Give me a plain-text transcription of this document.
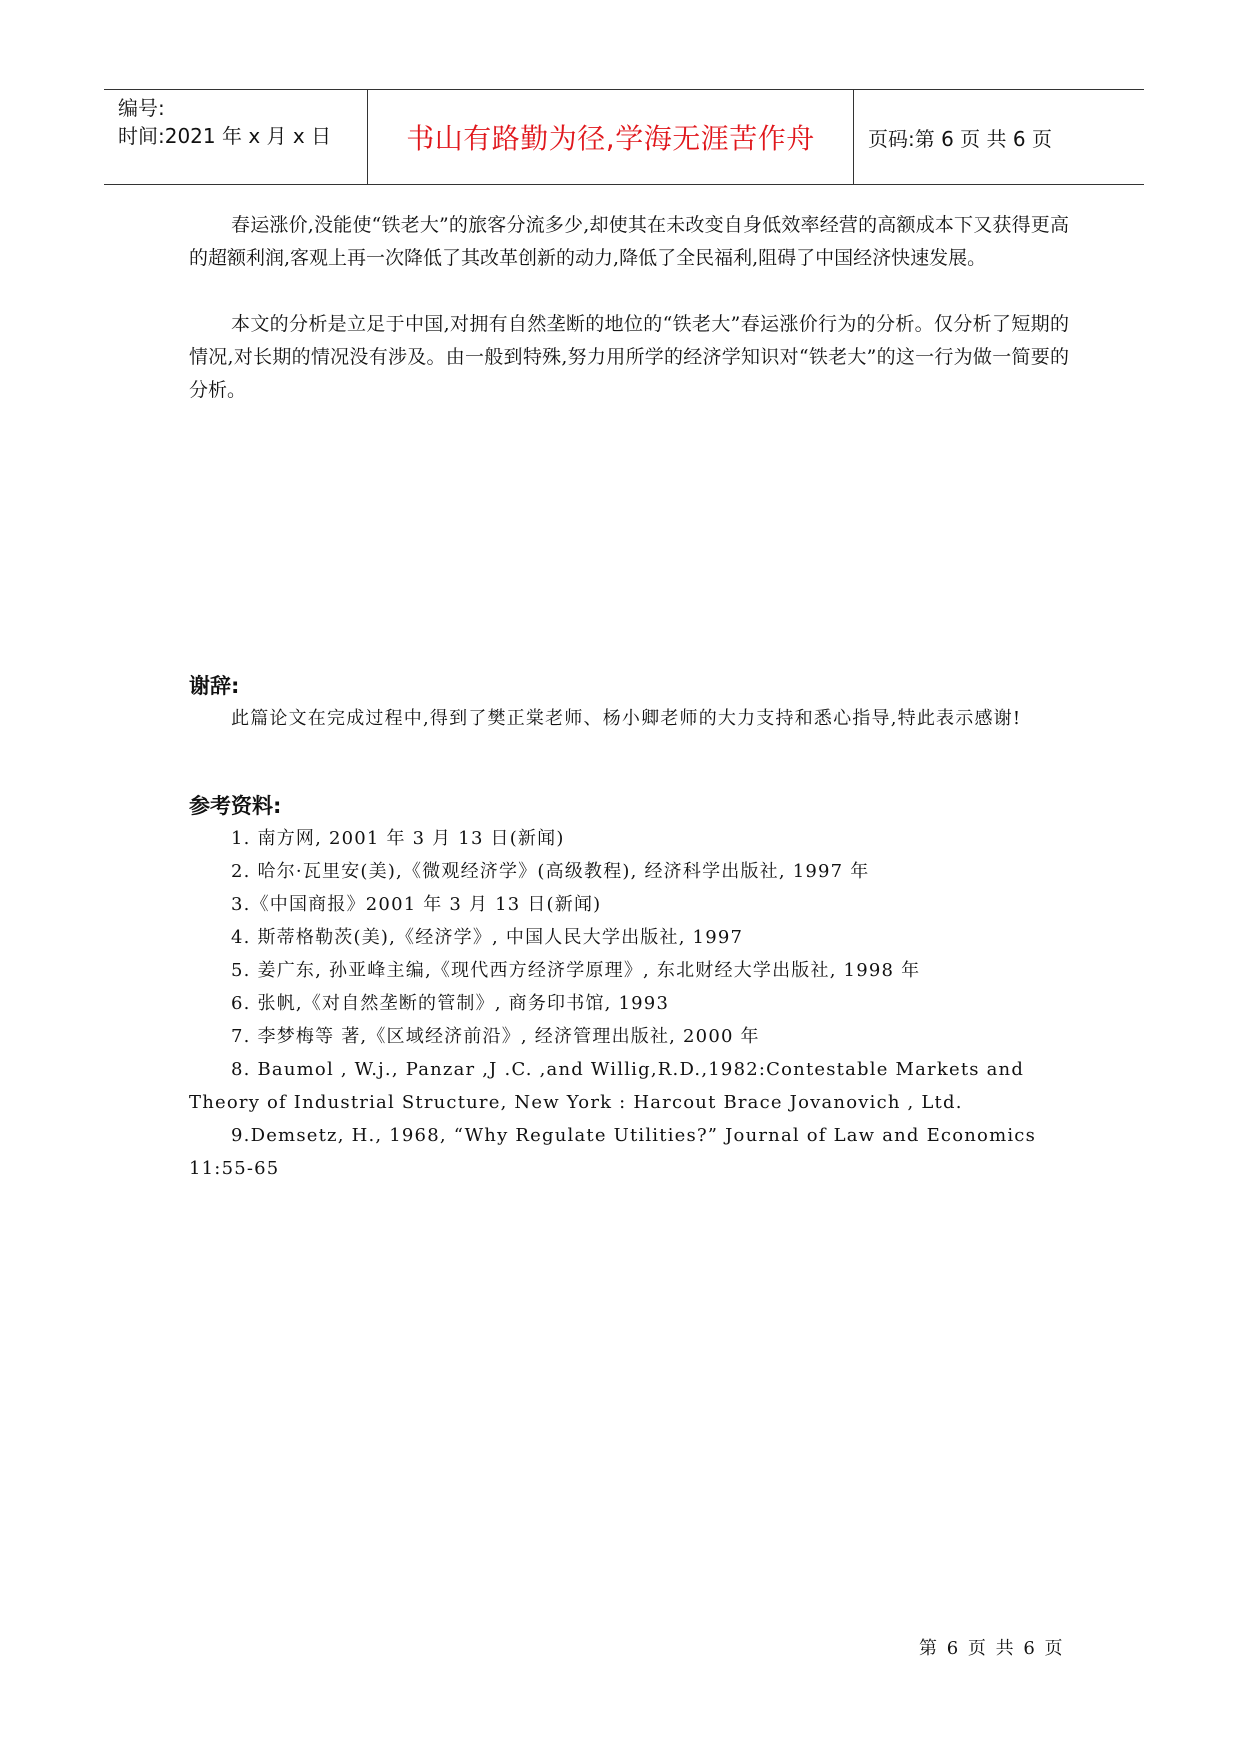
编号:
时间:2021 年 x 月 x 日	书山有路勤为径,学海无涯苦作舟	页码:第 6 页 共 6 页

春运涨价,没能使“铁老大”的旅客分流多少,却使其在未改变自身低效率经营的高额成本下又获得更高的超额利润,客观上再一次降低了其改革创新的动力,降低了全民福利,阻碍了中国经济快速发展。

本文的分析是立足于中国,对拥有自然垄断的地位的“铁老大”春运涨价行为的分析。仅分析了短期的情况,对长期的情况没有涉及。由一般到特殊,努力用所学的经济学知识对“铁老大”的这一行为做一简要的分析。

谢辞:

此篇论文在完成过程中,得到了樊正棠老师、杨小卿老师的大力支持和悉心指导,特此表示感谢!

参考资料:
1. 南方网, 2001 年 3 月 13 日(新闻)
2. 哈尔·瓦里安(美),《微观经济学》(高级教程), 经济科学出版社, 1997 年
3.《中国商报》2001 年 3 月 13 日(新闻)
4. 斯蒂格勒茨(美),《经济学》, 中国人民大学出版社, 1997
5. 姜广东, 孙亚峰主编,《现代西方经济学原理》, 东北财经大学出版社, 1998 年
6. 张帆,《对自然垄断的管制》, 商务印书馆, 1993
7. 李梦梅等 著,《区域经济前沿》, 经济管理出版社, 2000 年
8. Baumol , W.j., Panzar ,J .C. ,and Willig,R.D.,1982:Contestable Markets and Theory of Industrial Structure, New York : Harcout Brace Jovanovich , Ltd.
9.Demsetz, H., 1968, “Why Regulate Utilities?” Journal of Law and Economics 11:55-65
第 6 页 共 6 页
